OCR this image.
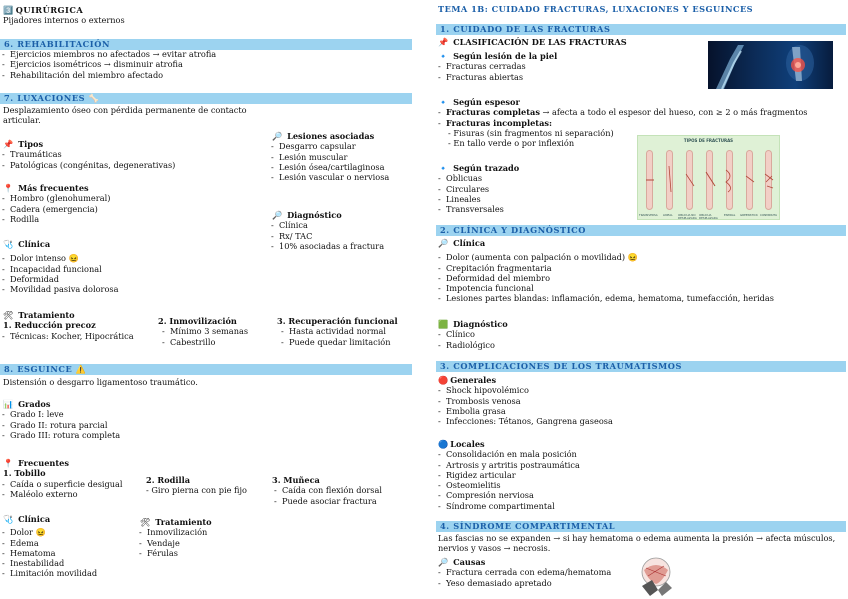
3️⃣ QUIRÚRGICA
Pijadores internos o externos
6. REHABILITACIÓN
- Ejercicios miembros no afectados → evitar atrofia
- Ejercicios isométricos → disminuir atrofia
- Rehabilitación del miembro afectado
7. LUXACIONES 🦴
Desplazamiento óseo con pérdida permanente de contacto articular.
📌 Tipos
- Traumáticas
- Patológicas (congénitas, degenerativas)
📍 Más frecuentes
- Hombro (glenohumeral)
- Cadera (emergencia)
- Rodilla
🩺 Clínica
- Dolor intenso 😖
- Incapacidad funcional
- Deformidad
- Movilidad pasiva dolorosa
🔎 Lesiones asociadas
- Desgarro capsular
- Lesión muscular
- Lesión ósea/cartilaginosa
- Lesión vascular o nerviosa
🔎 Diagnóstico
- Clínica
- Rx/ TAC
- 10% asociadas a fractura
🛠 Tratamiento
1. Reducción precoz
- Técnicas: Kocher, Hipocrática
2. Inmovilización
- Mínimo 3 semanas
- Cabestrillo
3. Recuperación funcional
- Hasta actividad normal
- Puede quedar limitación
8. ESGUINCE ⚠️
Distensión o desgarro ligamentoso traumático.
📊 Grados
- Grado I: leve
- Grado II: rotura parcial
- Grado III: rotura completa
📍 Frecuentes
1. Tobillo
- Caída o superficie desigual
- Maléolo externo
2. Rodilla
- Giro pierna con pie fijo
3. Muñeca
- Caída con flexión dorsal
- Puede asociar fractura
🩺 Clínica
- Dolor 😖
- Edema
- Hematoma
- Inestabilidad
- Limitación movilidad
🛠 Tratamiento
- Inmovilización
- Vendaje
- Férulas
TEMA 1B: CUIDADO FRACTURAS, LUXACIONES Y ESGUINCES
1. CUIDADO DE LAS FRACTURAS
📌 CLASIFICACIÓN DE LAS FRACTURAS
🔹 Según lesión de la piel
- Fracturas cerradas
- Fracturas abiertas
🔹 Según espesor
- Fracturas completas → afecta a todo el espesor del hueso, con ≥ 2 o más fragmentos
- Fracturas incompletas:
- Fisuras (sin fragmentos ni separación)
- En tallo verde o por inflexión
🔹 Según trazado
- Oblicuas
- Circulares
- Lineales
- Transversales
TIPOS DE FRACTURAS
TRANSVERSA LINEAL OBLICUA NO DESPLAZADA
OBLICUA DESPLAZADA
ESPIRAL GREENSTICK CONMINUTA
2. CLÍNICA Y DIAGNÓSTICO
🔎 Clínica
- Dolor (aumenta con palpación o movilidad) 😖
- Crepitación fragmentaria
- Deformidad del miembro
- Impotencia funcional
- Lesiones partes blandas: inflamación, edema, hematoma, tumefacción, heridas
🟩 Diagnóstico
- Clínico
- Radiológico
3. COMPLICACIONES DE LOS TRAUMATISMOS
🔴 Generales
- Shock hipovolémico
- Trombosis venosa
- Embolia grasa
- Infecciones: Tétanos, Gangrena gaseosa
🔵 Locales
- Consolidación en mala posición
- Artrosis y artritis postraumática
- Rigidez articular
- Osteomielitis
- Compresión nerviosa
- Síndrome compartimental
4. SÍNDROME COMPARTIMENTAL
Las fascias no se expanden → si hay hematoma o edema aumenta la presión → afecta músculos, nervios y vasos → necrosis.
🔎 Causas
- Fractura cerrada con edema/hematoma
- Yeso demasiado apretado
